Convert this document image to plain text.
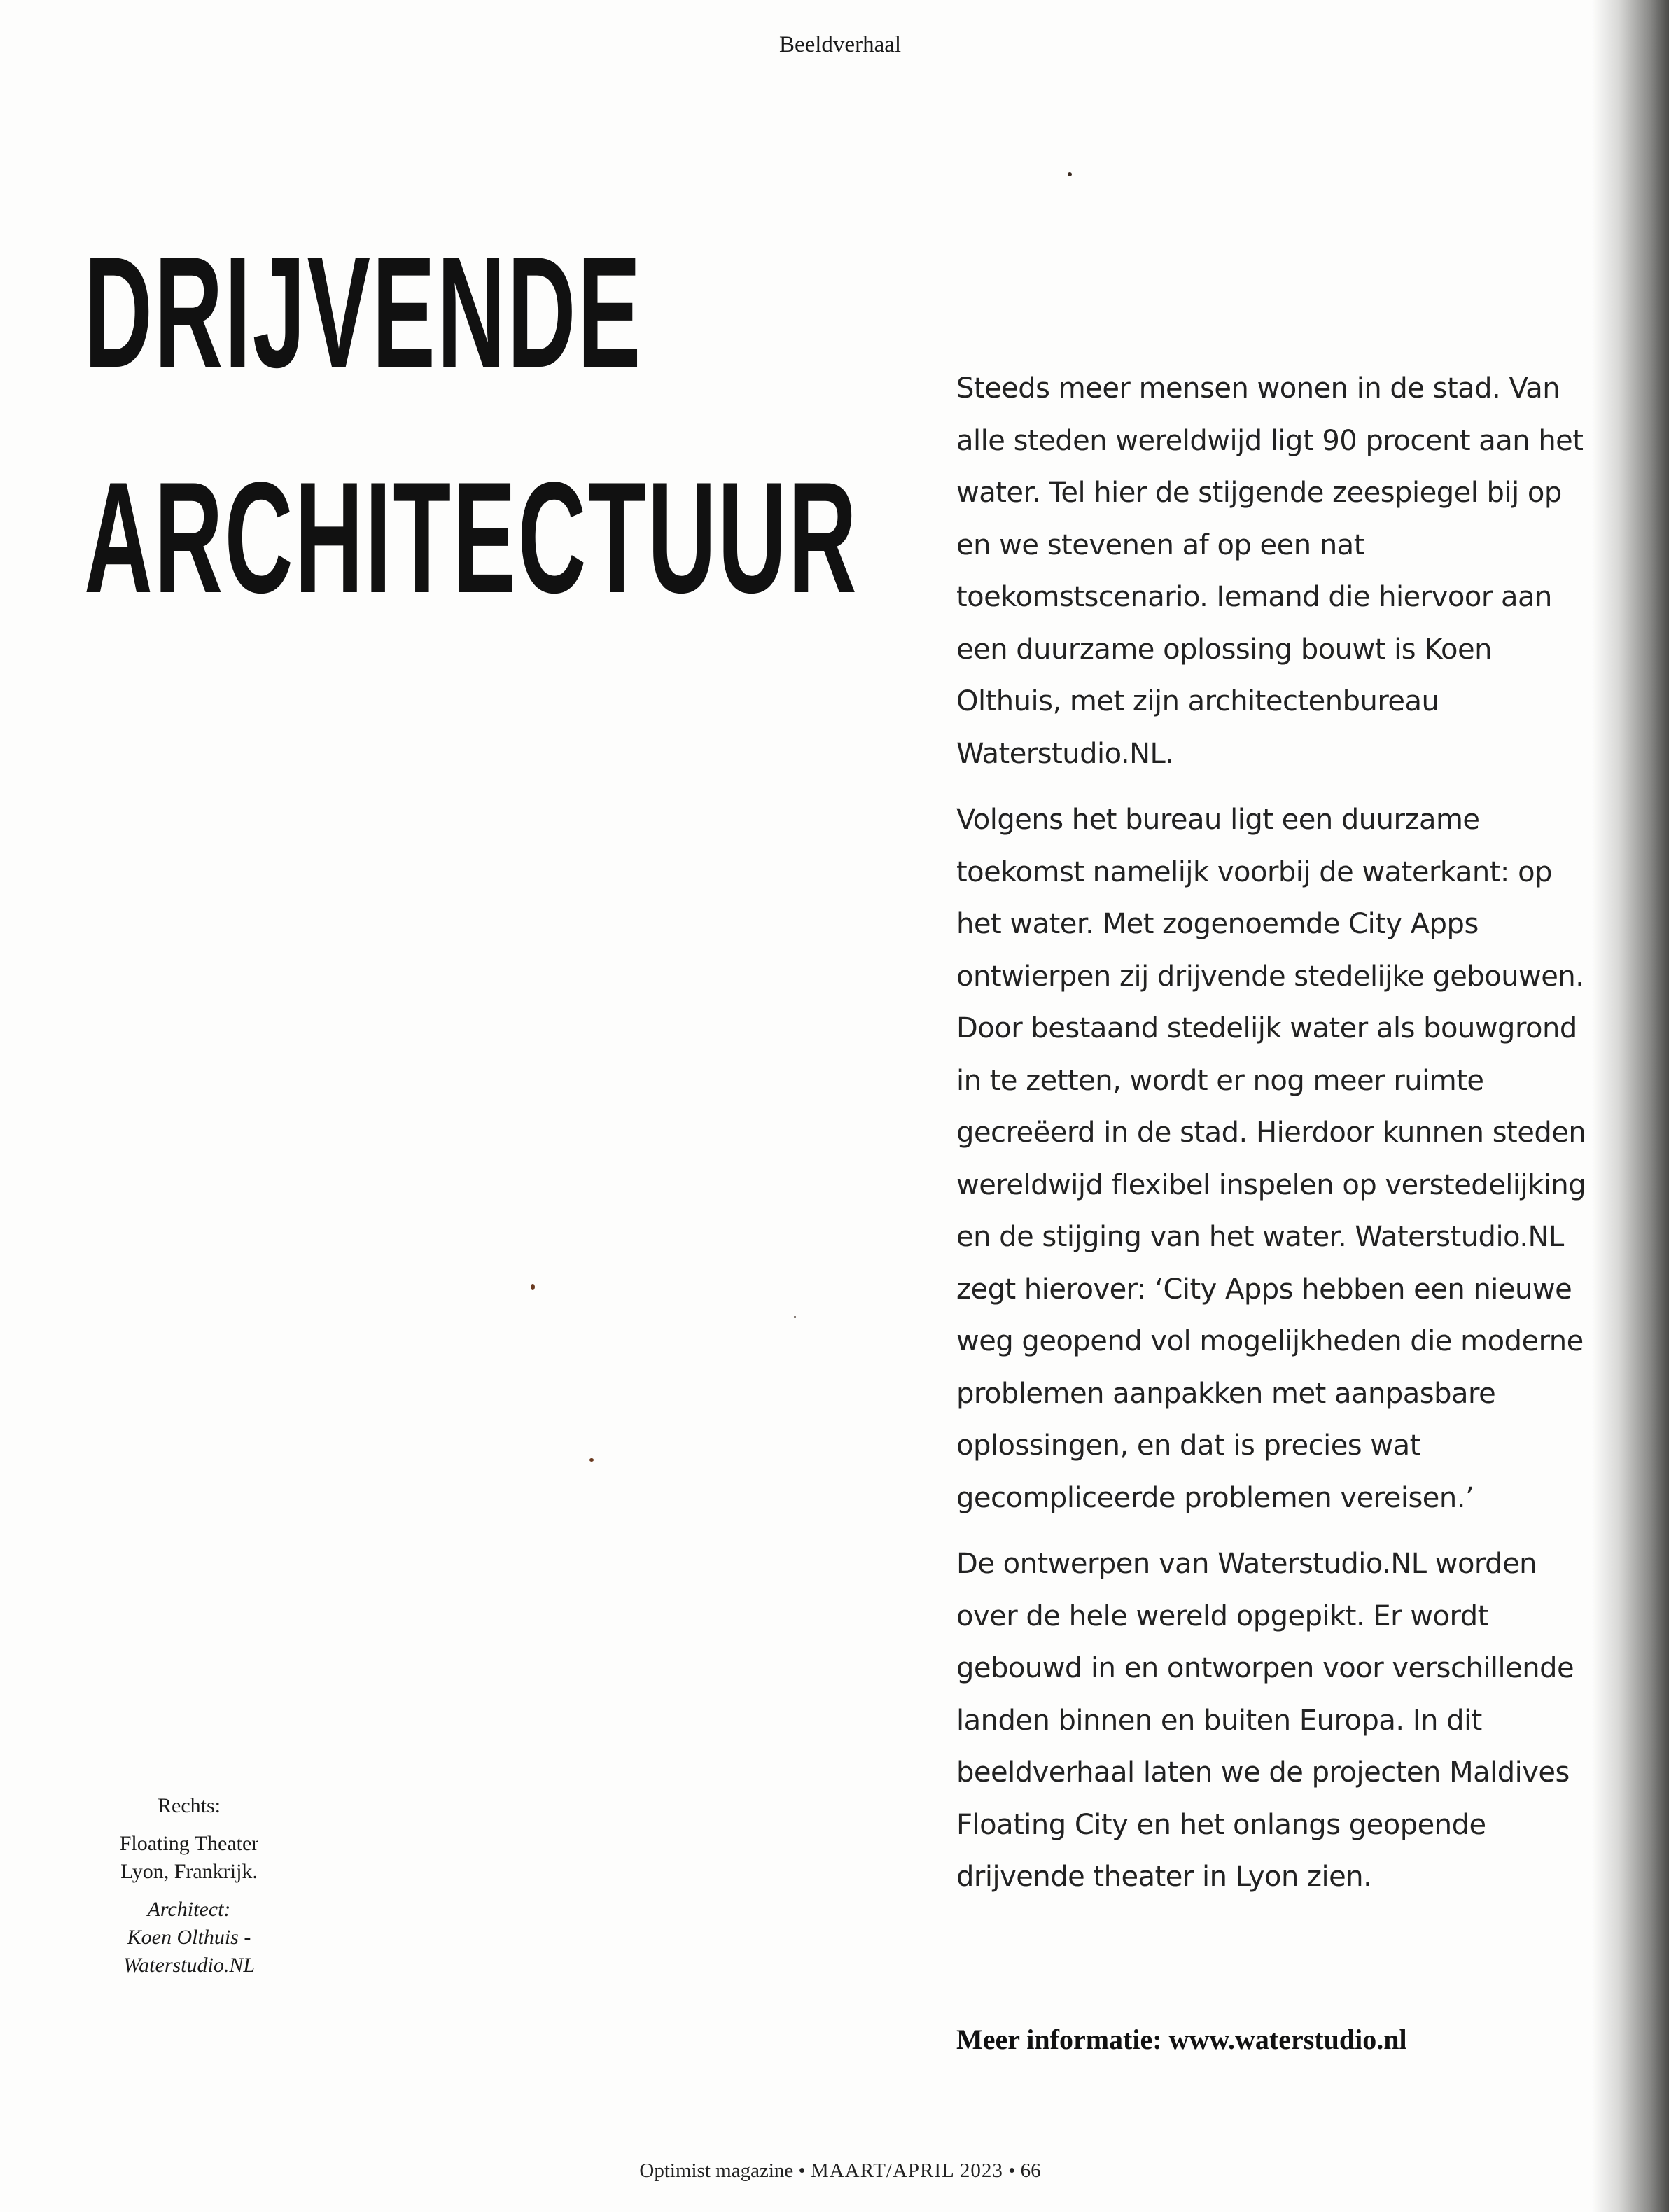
Beeldverhaal
DRIJVENDE
ARCHITECTUUR

Steeds meer mensen wonen in de stad. Van alle steden wereldwijd ligt 90 procent aan het water. Tel hier de stijgende zeespiegel bij op en we stevenen af op een nat toekomstscenario. Iemand die hiervoor aan een duurzame oplossing bouwt is Koen Olthuis, met zijn architectenbureau Waterstudio.NL.

Volgens het bureau ligt een duurzame toekomst namelijk voorbij de waterkant: op het water. Met zogenoemde City Apps ontwierpen zij drijvende stedelijke gebouwen. Door bestaand stedelijk water als bouwgrond in te zetten, wordt er nog meer ruimte gecreëerd in de stad. Hierdoor kunnen steden wereldwijd flexibel inspelen op verstedelijking en de stijging van het water. Waterstudio.NL zegt hierover: ‘City Apps hebben een nieuwe weg geopend vol mogelijkheden die moderne problemen aanpakken met aanpasbare oplossingen, en dat is precies wat gecompliceerde problemen vereisen.’

De ontwerpen van Waterstudio.NL worden over de hele wereld opgepikt. Er wordt gebouwd in en ontworpen voor verschillende landen binnen en buiten Europa. In dit beeldverhaal laten we de projecten Maldives Floating City en het onlangs geopende drijvende theater in Lyon zien.

Meer informatie: www.waterstudio.nl
Rechts:
Floating Theater
Lyon, Frankrijk.
Architect:
Koen Olthuis -
Waterstudio.NL
Optimist magazine • MAART/APRIL 2023 • 66
